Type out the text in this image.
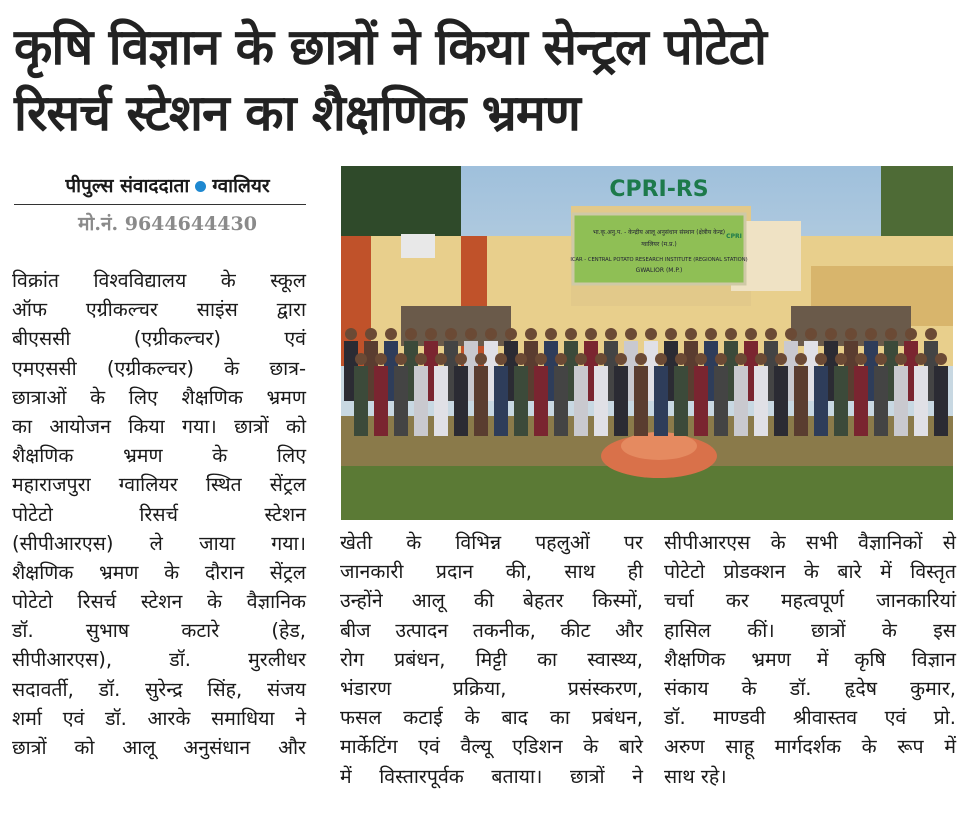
कृषि विज्ञान के छात्रों ने किया सेन्ट्रल पोटेटो
रिसर्च स्टेशन का शैक्षणिक भ्रमण
पीपुल्स संवाददाता ग्वालियर
मो.नं. 9644644430
CPRI-RS
भा.कृ.अनु.प. - केन्द्रीय आलू अनुसंधान संस्थान (क्षेत्रीय केन्द्र)
ग्वालियर (म.प्र.)
ICAR - CENTRAL POTATO RESEARCH INSTITUTE (REGIONAL STATION)
GWALIOR (M.P.)
CPRI
विक्रांत विश्वविद्यालय के स्कूल
ऑफ एग्रीकल्चर साइंस द्वारा
बीएससी (एग्रीकल्चर) एवं
एमएससी (एग्रीकल्चर) के छात्र-
छात्राओं के लिए शैक्षणिक भ्रमण
का आयोजन किया गया। छात्रों को
शैक्षणिक भ्रमण के लिए
महाराजपुरा ग्वालियर स्थित सेंट्रल
पोटेटो रिसर्च स्टेशन
(सीपीआरएस) ले जाया गया।
शैक्षणिक भ्रमण के दौरान सेंट्रल
पोटेटो रिसर्च स्टेशन के वैज्ञानिक
डॉ. सुभाष कटारे (हेड,
सीपीआरएस), डॉ. मुरलीधर
सदावर्ती, डॉ. सुरेन्द्र सिंह, संजय
शर्मा एवं डॉ. आरके समाधिया ने
छात्रों को आलू अनुसंधान और
खेती के विभिन्न पहलुओं पर
जानकारी प्रदान की, साथ ही
उन्होंने आलू की बेहतर किस्मों,
बीज उत्पादन तकनीक, कीट और
रोग प्रबंधन, मिट्टी का स्वास्थ्य,
भंडारण प्रक्रिया, प्रसंस्करण,
फसल कटाई के बाद का प्रबंधन,
मार्केटिंग एवं वैल्यू एडिशन के बारे
में विस्तारपूर्वक बताया। छात्रों ने
सीपीआरएस के सभी वैज्ञानिकों से
पोटेटो प्रोडक्शन के बारे में विस्तृत
चर्चा कर महत्वपूर्ण जानकारियां
हासिल कीं। छात्रों के इस
शैक्षणिक भ्रमण में कृषि विज्ञान
संकाय के डॉ. हृदेष कुमार,
डॉ. माण्डवी श्रीवास्तव एवं प्रो.
अरुण साहू मार्गदर्शक के रूप में
साथ रहे।
